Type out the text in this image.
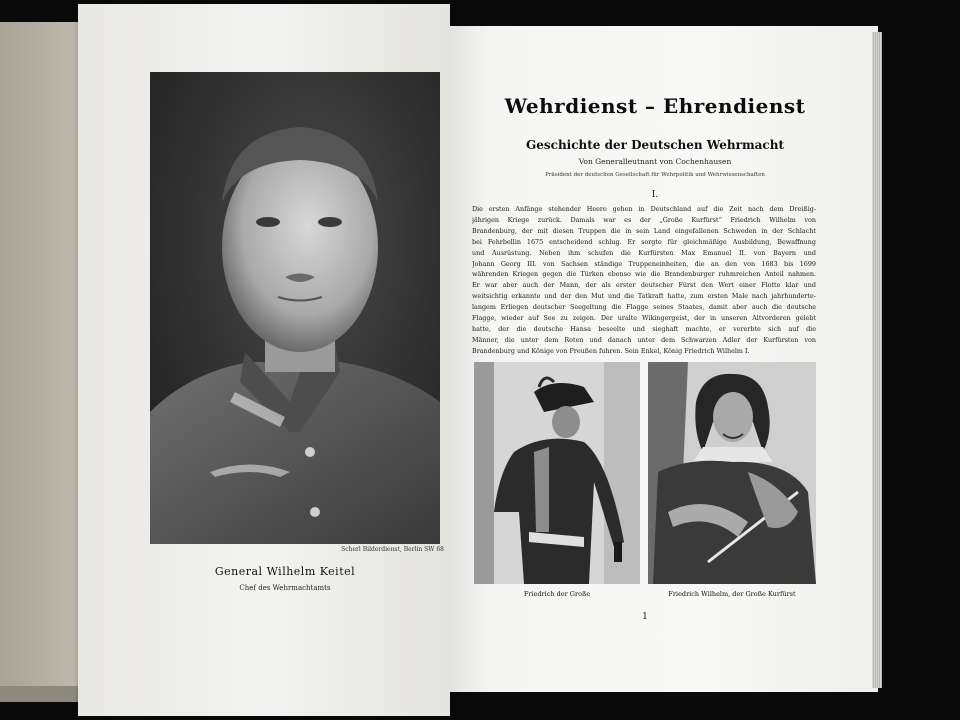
Scherl Bilderdienst, Berlin SW 68
General Wilhelm Keitel
Chef des Wehrmachtamts
Wehrdienst – Ehrendienst
Geschichte der Deutschen Wehrmacht
Von Generalleutnant von Cochenhausen
Präsident der deutschen Gesellschaft für Wehrpolitik und Wehrwissenschaften
I.
Die ersten Anfänge stehender Heere gehen in Deutschland auf die Zeit nach dem Dreißig-
jährigen Kriege zurück. Damals war es der „Große Kurfürst“ Friedrich Wilhelm von
Brandenburg, der mit diesen Truppen die in sein Land eingefallenen Schweden in der Schlacht
bei Fehrbellin 1675 entscheidend schlug. Er sorgte für gleichmäßige Ausbildung, Bewaffnung
und Ausrüstung. Neben ihm schufen die Kurfürsten Max Emanuel II. von Bayern und
Johann Georg III. von Sachsen ständige Truppeneinheiten, die an den von 1683 bis 1699
währenden Kriegen gegen die Türken ebenso wie die Brandenburger ruhmreichen Anteil nahmen.
Er war aber auch der Mann, der als erster deutscher Fürst den Wert einer Flotte klar und
weitsichtig erkannte und der den Mut und die Tatkraft hatte, zum ersten Male nach jahrhunderte-
langem Erliegen deutscher Seegeltung die Flagge seines Staates, damit aber auch die deutsche
Flagge, wieder auf See zu zeigen. Der uralte Wikingergeist, der in unseren Altvorderen gelebt
hatte, der die deutsche Hansa beseelte und sieghaft machte, er vererbte sich auf die
Männer, die unter dem Roten und danach unter dem Schwarzen Adler der Kurfürsten von
Brandenburg und Könige von Preußen fuhren. Sein Enkel, König Friedrich Wilhelm I.
Friedrich der Große	Friedrich Wilhelm, der Große Kurfürst
1
